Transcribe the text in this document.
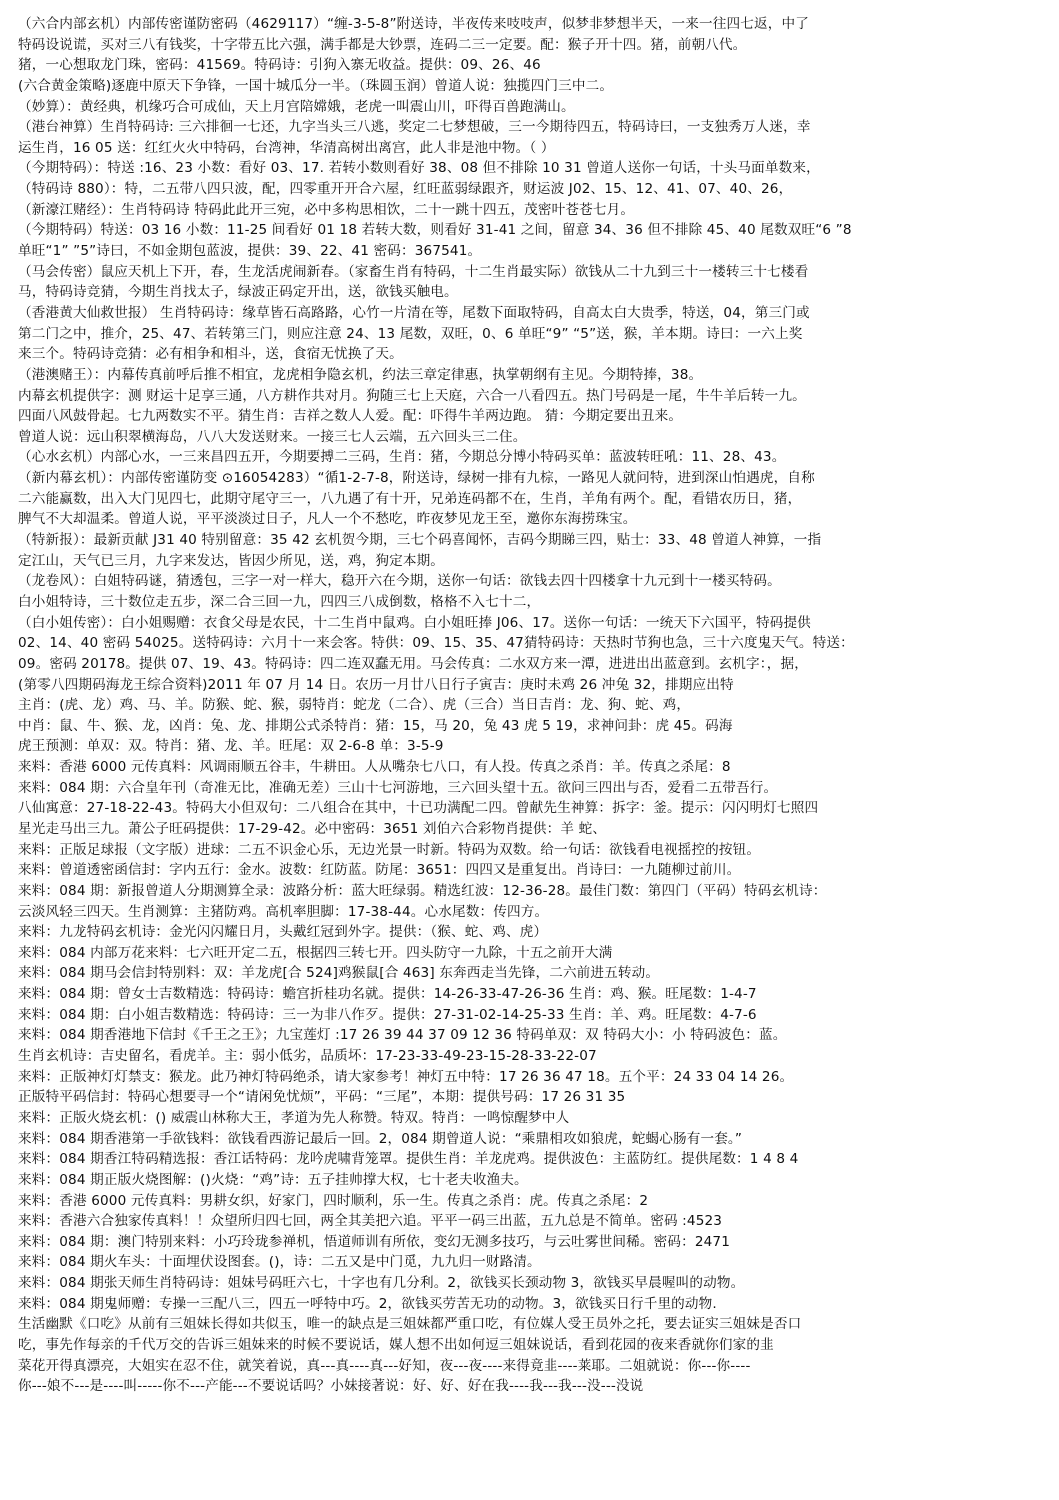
（六合内部玄机）内部传密谨防密码（4629117）“缠-3-5-8”附送诗，半夜传来吱吱声，似梦非梦想半天，一来一往四七返，中了
特码设说谎，买对三八有钱奖，十字带五比六强，满手都是大钞票，连码二三一定要。配：猴子开十四。猪，前朝八代。
猪，一心想取龙门珠，密码：41569。特码诗：引狗入寨无收益。提供：09、26、46
(六合黄金策略)逐鹿中原天下争锋，一国十城瓜分一半。（珠圆玉润）曾道人说：独揽四门三中二。
（妙算）：黄经典，机缘巧合可成仙，天上月宫陪嫦娥，老虎一叫震山川，吓得百兽跑满山。
（港台神算）生肖特码诗: 三六排徊一七还，九字当头三八逃，奖定二七梦想破，三一今期待四五，特码诗曰，一支独秀万人迷，幸
运生肖，16 05 送：红红火火中特码，台湾神，华清高树出离宫，此人非是池中物。（ ）
（今期特码）：特送 :16、23 小数：看好 03、17. 若转小数则看好 38、08 但不排除 10 31 曾道人送你一句话，十头马面单数来，
（特码诗 880）：特，二五带八四只波，配，四零重开开合六屋，红旺蓝弱绿跟齐，财运波 J02、15、12、41、07、40、26，
（新濠江赌经）：生肖特码诗 特码此此开三宛，必中多构思相饮，二十一跳十四五，茂密叶苍苍七月。
（今期特码）特送：03 16 小数：11-25 间看好 01 18 若转大数，则看好 31-41 之间，留意 34、36 但不排除 45、40 尾数双旺“6 ”8
单旺“1” ”5”诗曰，不如金期包蓝波，提供：39、22、41 密码：367541。
（马会传密）鼠应天机上下开，春，生龙活虎闹新春。（家畜生肖有特码，十二生肖最实际）欲钱从二十九到三十一楼转三十七楼看
马，特码诗竞猜，今期生肖找太子，绿波正码定开出，送，欲钱买触电。
（香港黄大仙救世报） 生肖特码诗：缘草皆石高路路，心竹一片清在等，尾数下面取特码，自高太白大贵季，特送，04，第三门或
第二门之中，推介，25、47、若转第三门，则应注意 24、13 尾数，双旺，0、6 单旺“9” “5”送，猴，羊本期。诗曰：一六上奖
来三个。特码诗竞猜：必有相争和相斗，送，食宿无忧换了天。
（港澳赌王）：内幕传真前呼后推不相宜，龙虎相争隐玄机，约法三章定律惠，执掌朝纲有主见。今期特捧，38。
内幕玄机提供字：测 财运十足享三通，八方耕作共对月。狗随三七上天庭，六合一八看四五。热门号码是一尾，牛牛羊后转一九。
四面八风鼓骨起。七九两数实不平。猜生肖：吉祥之数人人爱。配：吓得牛羊两边跑。 猜：今期定要出丑来。
曾道人说：远山积翠横海岛，八八大发送财来。一接三七人云端，五六回头三二住。
（心水玄机）内部心水，一三来昌四五开，今期要搏二三码，生肖：猪，今期总分博小特码买单：蓝波转旺吼：11、28、43。
（新内幕玄机）：内部传密谨防变 ⊙16054283）“循1-2-7-8，附送诗，绿树一排有九棕，一路见人就问特，进到深山怕遇虎，自称
二六能赢数，出入大门见四七，此期守尾守三一，八九遇了有十开，兄弟连码都不在，生肖，羊角有两个。配，看错农历日，猪，
脾气不大却温柔。曾道人说，平平淡淡过日子，凡人一个不愁吃，昨夜梦见龙王至，邀你东海捞珠宝。
（特新报）：最新贡献 J31 40 特别留意：35 42 玄机贺今期，三七个码喜闻怀，吉码今期睇三四，贴士：33、48 曾道人神算，一指
定江山，天气已三月，九字来发达，皆因少所见，送，鸡，狗定本期。
（龙卷风）：白姐特码谜，猜透包，三字一对一样大，稳开六在今期，送你一句话：欲钱去四十四楼拿十九元到十一楼买特码。
白小姐特诗，三十数位走五步，深二合三回一九，四四三八成倒数，格格不入七十二，
（白小姐传密）：白小姐赐赠：衣食父母是农民，十二生肖中鼠鸡。白小姐旺捧 J06、17。送你一句话：一统天下六国平，特码提供
02、14、40 密码 54025。送特码诗：六月十一来会客。特供：09、15、35、47猜特码诗：天热时节狗也急，三十六度鬼天气。特送：
09。密码 20178。提供 07、19、43。特码诗：四二连双蠢无用。马会传真：二水双方来一潭，进进出出蓝意到。玄机字：，据，
(第零八四期码海龙王综合资料)2011 年 07 月 14 日。农历一月廿八日行子寅吉：庚时未鸡 26 冲兔 32，排期应出特
主肖：(虎、龙）鸡、马、羊。防猴、蛇、猴，弱特肖：蛇龙（二合）、虎（三合）当日吉肖：龙、狗、蛇、鸡，
中肖：鼠、牛、猴、龙，凶肖：兔、龙、排期公式杀特肖：猪：15，马 20，兔 43 虎 5 19，求神问卦：虎 45。码海
虎王预测：单双：双。特肖：猪、龙、羊。旺尾：双 2-6-8 单：3-5-9
来料：香港 6000 元传真料：风调雨顺五谷丰，牛耕田。人从嘴杂七八口，有人投。传真之杀肖：羊。传真之杀尾：8
来料：084 期：六合皇年刊（奇准无比，准确无差）三山十七河游地，三六回头望十五。欲问三四出与否，爱看二五带吾行。
八仙寓意：27-18-22-43。特码大小但双句：二八组合在其中，十已功满配二四。曾献先生神算：拆字：釜。提示：闪闪明灯七照四
星光走马出三九。萧公子旺码提供：17-29-42。必中密码：3651 刘伯六合彩物肖提供：羊 蛇、
来料：正版足球报（文字版）进球：二五不识金心乐，无边光景一时新。特码为双数。给一句话：欲钱看电视摇控的按钮。
来料：曾道透密函信封：字内五行：金水。波数：红防蓝。防尾：3651：四四又是重复出。肖诗曰：一九随柳过前川。
来料：084 期：新报曾道人分期测算全录：波路分析：蓝大旺绿弱。精选红波：12-36-28。最佳门数：第四门（平码）特码玄机诗：
云淡风轻三四天。生肖测算：主猪防鸡。高机率胆脚：17-38-44。心水尾数：传四方。
来料：九龙特码玄机诗：金光闪闪耀日月，头戴红冠到外字。提供：（猴、蛇、鸡、虎）
来料：084 内部万花来料：七六旺开定二五，根据四三转七开。四头防守一九除，十五之前开大满
来料：084 期马会信封特别料：双：羊龙虎[合 524]鸡猴鼠[合 463] 东奔西走当先锋，二六前进五转动。
来料：084 期：曾女士吉数精选：特码诗：蟾宫折桂功名就。提供：14-26-33-47-26-36 生肖：鸡、猴。旺尾数：1-4-7
来料：084 期：白小姐吉数精选：特码诗：三一为非八作歹。提供：27-31-02-14-25-33 生肖：羊、鸡。旺尾数：4-7-6
来料：084 期香港地下信封《千王之王》；九宝莲灯 :17 26 39 44 37 09 12 36 特码单双：双 特码大小：小 特码波色：蓝。
生肖玄机诗：吉史留名，看虎羊。主：弱小低劣，品质坏：17-23-33-49-23-15-28-33-22-07
来料：正版神灯灯禁支：猴龙。此乃神灯特码绝杀，请大家参考！神灯五中特：17 26 36 47 18。五个平：24 33 04 14 26。
正版特平码信封：特码心想要寻一个“请闲免忧烦”，平码：“三尾”，本期：提供号码：17 26 31 35
来料：正版火烧玄机：() 威震山林称大王，孝道为先人称赞。特双。特肖：一鸣惊醒梦中人
来料：084 期香港第一手欲钱料：欲钱看西游记最后一回。2，084 期曾道人说：“乘鼎相攻如狼虎，蛇蝎心肠有一套。”
来料：084 期香江特码精选报：香江话特码：龙吟虎啸背笼罩。提供生肖：羊龙虎鸡。提供波色：主蓝防红。提供尾数：1 4 8 4
来料：084 期正版火烧图解：()火烧：“鸡”诗：五子挂帅撑大权，七十老夫收渔夫。
来料：香港 6000 元传真料：男耕女织，好家门，四时顺利，乐一生。传真之杀肖：虎。传真之杀尾：2
来料：香港六合独家传真料！！众望所归四七回，两全其美把六追。平平一码三出蓝，五九总是不简单。密码 :4523
来料：084 期：澳门特别来料：小巧玲珑参禅机，悟道师训有所依，变幻无测多技巧，与云吐雾世间稀。密码：2471
来料：084 期火车头：十面埋伏设图套。()，诗：二五又是中门觅，九九归一财路清。
来料：084 期张天师生肖特码诗：姐妹号码旺六七，十字也有几分利。2，欲钱买长颈动物 3，欲钱买早晨喔叫的动物。
来料：084 期鬼师赠：专操一三配八三，四五一呼特中巧。2，欲钱买劳苦无功的动物。3，欲钱买日行千里的动物.
生活幽默《口吃》从前有三姐妹长得如共似玉，唯一的缺点是三姐妹都严重口吃，有位媒人受王员外之托，要去证实三姐妹是否口
吃，事先作每亲的千代万交的告诉三姐妹来的时候不要说话，媒人想不出如何逗三姐妹说话，看到花园的夜来香就你们家的韭
菜花开得真漂亮，大姐实在忍不住，就笑着说，真---真----真---好知，夜---夜----来得竟韭----莱耶。二姐就说：你---你----
你---娘不---是----叫-----你不---产能---不要说话吗？小妹接著说：好、好、好在我----我---我---没---没说
